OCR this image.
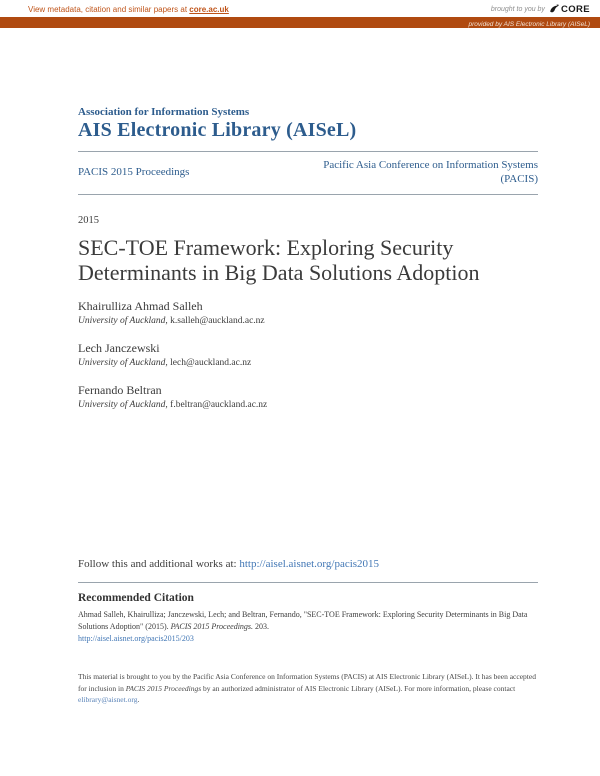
View metadata, citation and similar papers at core.ac.uk	brought to you by CORE
provided by AIS Electronic Library (AISeL)
Association for Information Systems
AIS Electronic Library (AISeL)
PACIS 2015 Proceedings
Pacific Asia Conference on Information Systems
(PACIS)
2015
SEC-TOE Framework: Exploring Security
Determinants in Big Data Solutions Adoption
Khairulliza Ahmad Salleh
University of Auckland, k.salleh@auckland.ac.nz
Lech Janczewski
University of Auckland, lech@auckland.ac.nz
Fernando Beltran
University of Auckland, f.beltran@auckland.ac.nz
Follow this and additional works at: http://aisel.aisnet.org/pacis2015
Recommended Citation
Ahmad Salleh, Khairulliza; Janczewski, Lech; and Beltran, Fernando, "SEC-TOE Framework: Exploring Security Determinants in Big Data Solutions Adoption" (2015). PACIS 2015 Proceedings. 203.
http://aisel.aisnet.org/pacis2015/203
This material is brought to you by the Pacific Asia Conference on Information Systems (PACIS) at AIS Electronic Library (AISeL). It has been accepted for inclusion in PACIS 2015 Proceedings by an authorized administrator of AIS Electronic Library (AISeL). For more information, please contact elibrary@aisnet.org.
